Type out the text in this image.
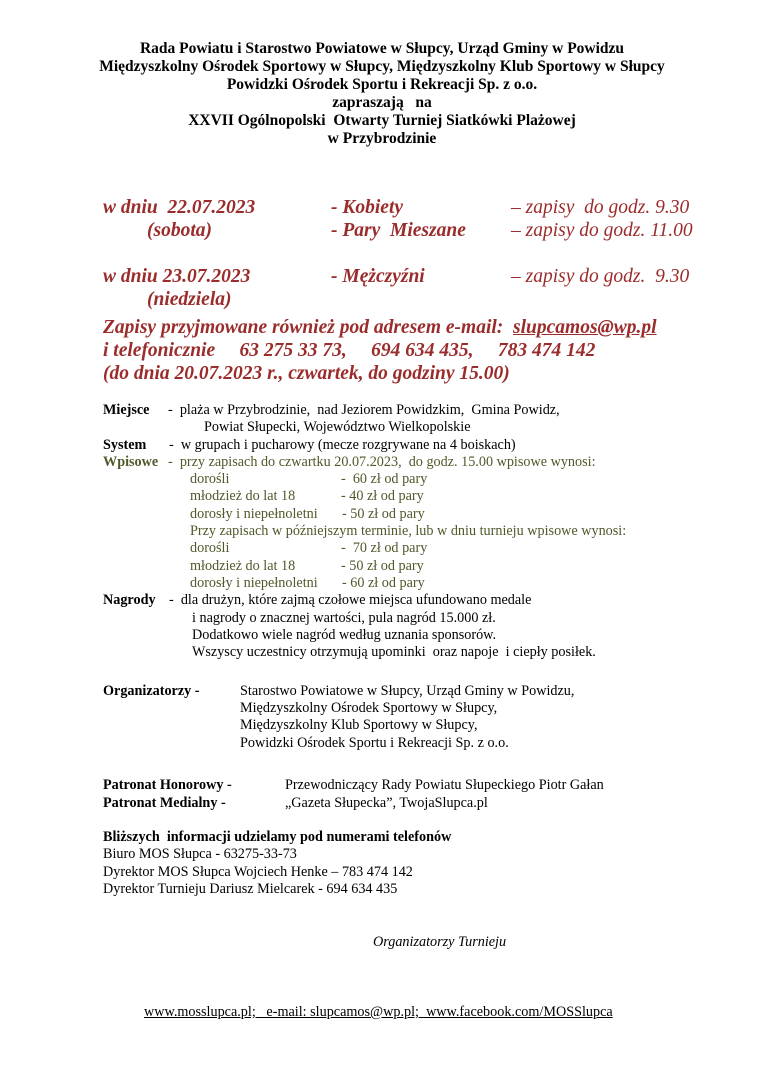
Rada Powiatu i Starostwo Powiatowe w Słupcy, Urząd Gminy w Powidzu
Międzyszkolny Ośrodek Sportowy w Słupcy, Międzyszkolny Klub Sportowy w Słupcy
Powidzki Ośrodek Sportu i Rekreacji Sp. z o.o.
zapraszają   na
XXVII Ogólnopolski  Otwarty Turniej Siatkówki Plażowej
w Przybrodzinie
w dniu  22.07.2023	- Kobiety	– zapisy  do godz. 9.30
(sobota)	- Pary  Mieszane – zapisy do godz. 11.00
w dniu 23.07.2023	- Mężczyźni	– zapisy do godz.  9.30
(niedziela)
Zapisy przyjmowane również pod adresem e-mail:  slupcamos@wp.pl
i telefonicznie     63 275 33 73,     694 634 435,     783 474 142
(do dnia 20.07.2023 r., czwartek, do godziny 15.00)
Miejsce -  plaża w Przybrodzinie,  nad Jeziorem Powidzkim,  Gmina Powidz,
Powiat Słupecki, Województwo Wielkopolskie
System -  w grupach i pucharowy (mecze rozgrywane na 4 boiskach)
Wpisowe -  przy zapisach do czwartku 20.07.2023,  do godz. 15.00 wpisowe wynosi:
dorośli	-  60 zł od pary
młodzież do lat 18	- 40 zł od pary
dorosły i niepełnoletni - 50 zł od pary
Przy zapisach w późniejszym terminie, lub w dniu turnieju wpisowe wynosi:
dorośli	-  70 zł od pary
młodzież do lat 18	- 50 zł od pary
dorosły i niepełnoletni - 60 zł od pary
Nagrody -  dla drużyn, które zajmą czołowe miejsca ufundowano medale
i nagrody o znacznej wartości, pula nagród 15.000 zł.
Dodatkowo wiele nagród według uznania sponsorów.
Wszyscy uczestnicy otrzymują upominki  oraz napoje  i ciepły posiłek.
Organizatorzy -	Starostwo Powiatowe w Słupcy, Urząd Gminy w Powidzu,
Międzyszkolny Ośrodek Sportowy w Słupcy,
Międzyszkolny Klub Sportowy w Słupcy,
Powidzki Ośrodek Sportu i Rekreacji Sp. z o.o.
Patronat Honorowy -	Przewodniczący Rady Powiatu Słupeckiego Piotr Gałan
Patronat Medialny -	„Gazeta Słupecka”, TwojaSlupca.pl
Bliższych  informacji udzielamy pod numerami telefonów
Biuro MOS Słupca - 63275-33-73
Dyrektor MOS Słupca Wojciech Henke – 783 474 142
Dyrektor Turnieju Dariusz Mielcarek - 694 634 435
Organizatorzy Turnieju
www.mosslupca.pl;   e-mail: slupcamos@wp.pl;  www.facebook.com/MOSSlupca
